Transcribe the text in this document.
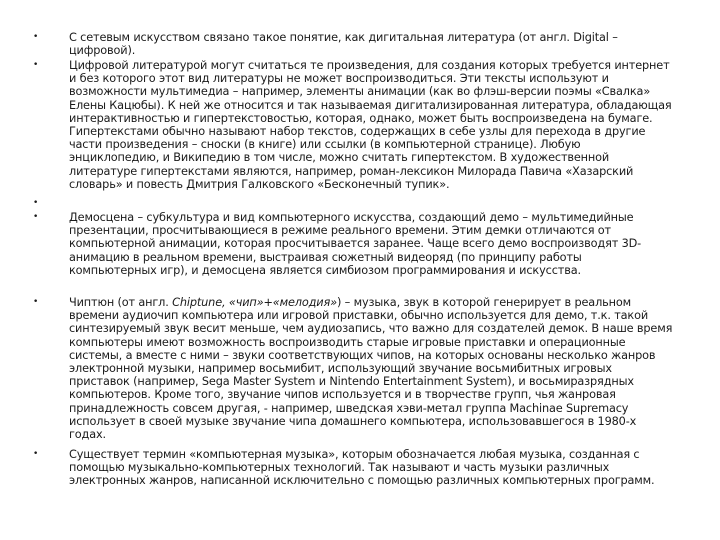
•	С сетевым искусством связано такое понятие, как дигитальная литература (от англ. Digital –
цифровой).
•	Цифровой литературой могут считаться те произведения, для создания которых требуется интернет
и без которого этот вид литературы не может воспроизводиться. Эти тексты используют и
возможности мультимедиа – например, элементы анимации (как во флэш-версии поэмы «Свалка»
Елены Кацюбы). К ней же относится и так называемая дигитализированная литература, обладающая
интерактивностью и гипертекстовостью, которая, однако, может быть воспроизведена на бумаге.
Гипертекстами обычно называют набор текстов, содержащих в себе узлы для перехода в другие
части произведения – сноски (в книге) или ссылки (в компьютерной странице). Любую
энциклопедию, и Википедию в том числе, можно считать гипертекстом. В художественной
литературе гипертекстами являются, например, роман-лексикон Милорада Павича «Хазарский
словарь» и повесть Дмитрия Галковского «Бесконечный тупик».
•
•	Демосцена – субкультура и вид компьютерного искусства, создающий демо – мультимедийные
презентации, просчитывающиеся в режиме реального времени. Этим демки отличаются от
компьютерной анимации, которая просчитывается заранее. Чаще всего демо воспроизводят 3D-
анимацию в реальном времени, выстраивая сюжетный видеоряд (по принципу работы
компьютерных игр), и демосцена является симбиозом программирования и искусства.
•	Чиптюн (от англ. Chiptune, «чип»+«мелодия») – музыка, звук в которой генерирует в реальном
времени аудиочип компьютера или игровой приставки, обычно используется для демо, т.к. такой
синтезируемый звук весит меньше, чем аудиозапись, что важно для создателей демок. В наше время
компьютеры имеют возможность воспроизводить старые игровые приставки и операционные
системы, а вместе с ними – звуки соответствующих чипов, на которых основаны несколько жанров
электронной музыки, например восьмибит, использующий звучание восьмибитных игровых
приставок (например, Sega Master System и Nintendo Entertainment System), и восьмиразрядных
компьютеров. Кроме того, звучание чипов используется и в творчестве групп, чья жанровая
принадлежность совсем другая, - например, шведская хэви-метал группа Machinae Supremacy
использует в своей музыке звучание чипа домашнего компьютера, использовавшегося в 1980-х
годах.
•	Существует термин «компьютерная музыка», которым обозначается любая музыка, созданная с
помощью музыкально-компьютерных технологий. Так называют и часть музыки различных
электронных жанров, написанной исключительно с помощью различных компьютерных программ.
